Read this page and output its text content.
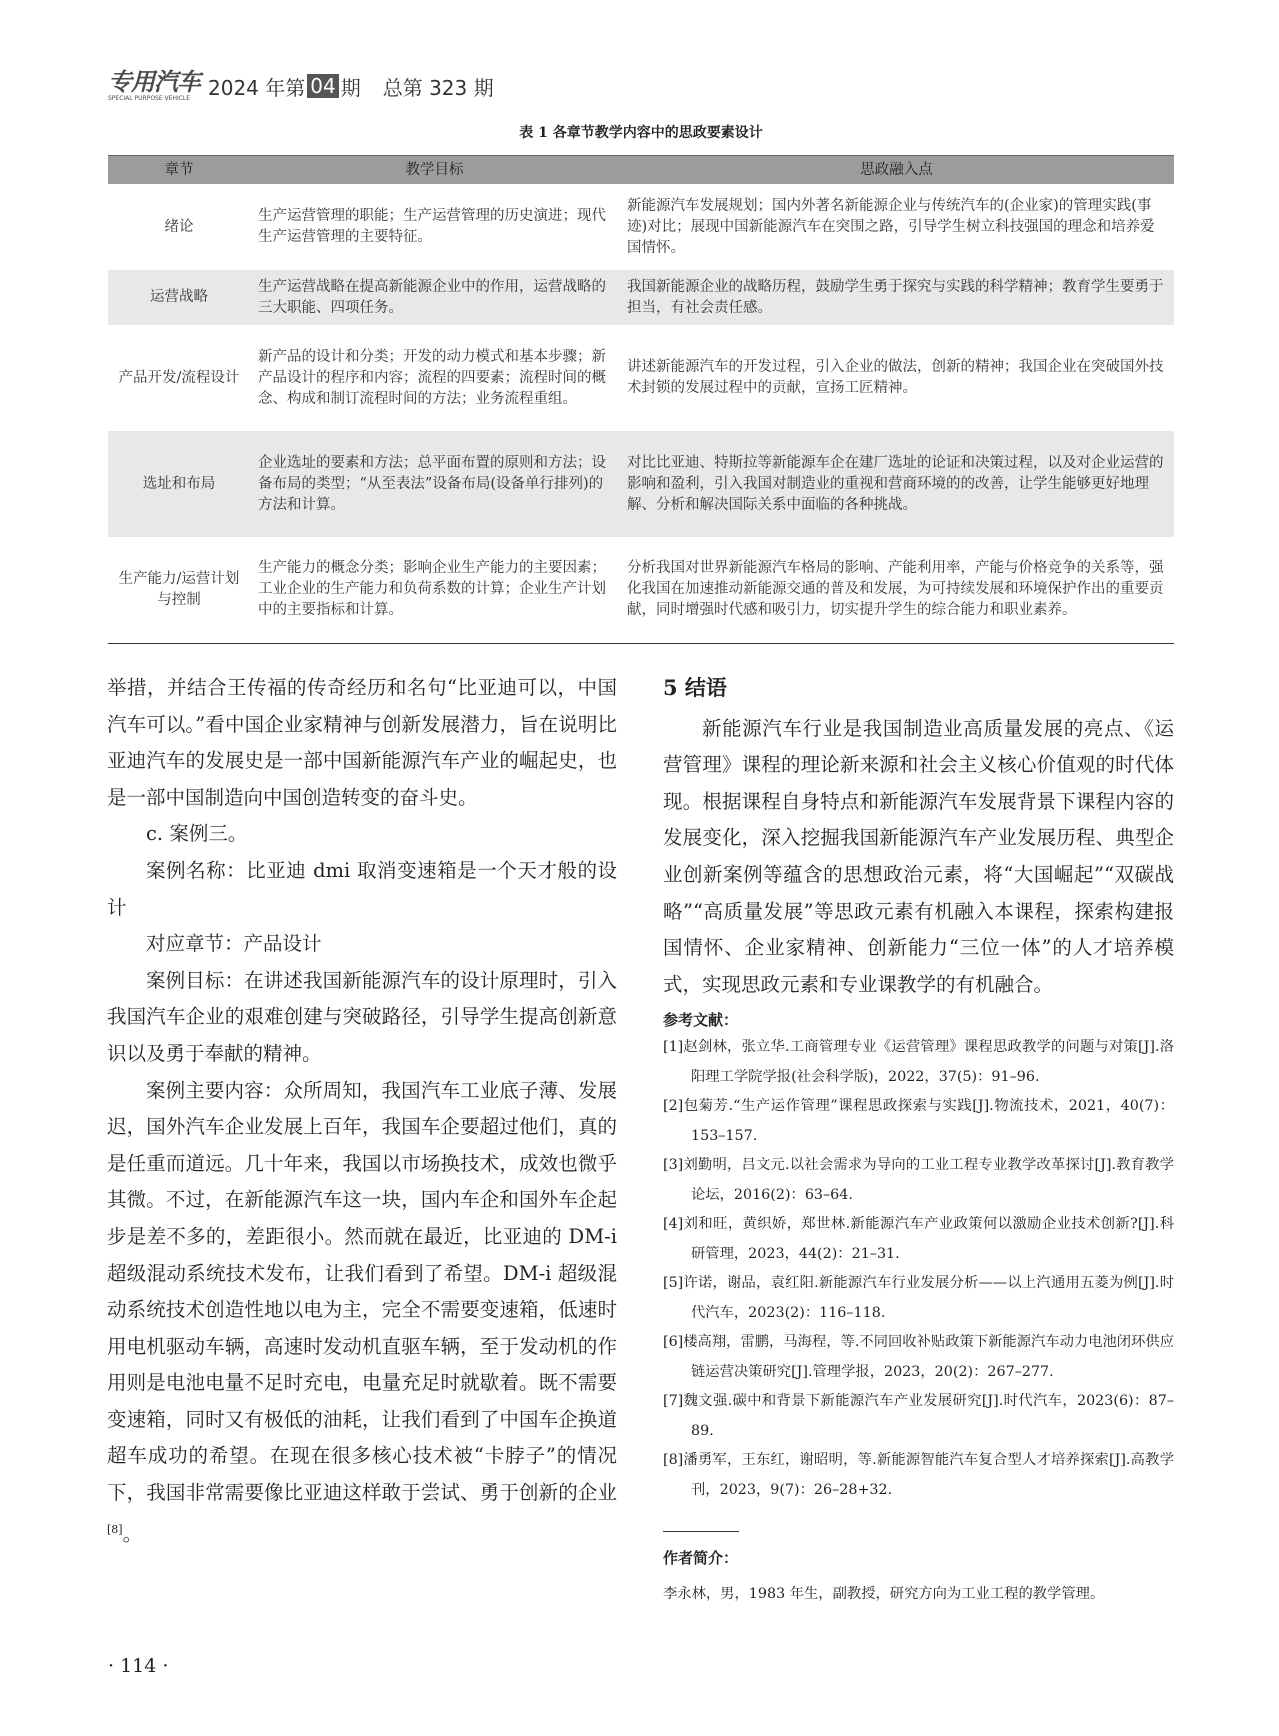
专用汽车
SPECIAL PURPOSE VEHICLE 2024 年第 04 期 总第 323 期
表 1 各章节教学内容中的思政要素设计
章节	教学目标	思政融入点
绪论	生产运营管理的职能；生产运营管理的历史演进；现代生产运营管理的主要特征。	新能源汽车发展规划；国内外著名新能源企业与传统汽车的(企业家)的管理实践(事迹)对比；展现中国新能源汽车在突围之路，引导学生树立科技强国的理念和培养爱国情怀。
运营战略	生产运营战略在提高新能源企业中的作用，运营战略的三大职能、四项任务。	我国新能源企业的战略历程，鼓励学生勇于探究与实践的科学精神；教育学生要勇于担当，有社会责任感。
产品开发/流程设计	新产品的设计和分类；开发的动力模式和基本步骤；新产品设计的程序和内容；流程的四要素；流程时间的概念、构成和制订流程时间的方法；业务流程重组。	讲述新能源汽车的开发过程，引入企业的做法，创新的精神；我国企业在突破国外技术封锁的发展过程中的贡献，宣扬工匠精神。
选址和布局	企业选址的要素和方法；总平面布置的原则和方法；设备布局的类型；“从至表法”设备布局(设备单行排列)的方法和计算。	对比比亚迪、特斯拉等新能源车企在建厂选址的论证和决策过程，以及对企业运营的影响和盈利，引入我国对制造业的重视和营商环境的的改善，让学生能够更好地理解、分析和解决国际关系中面临的各种挑战。
生产能力/运营计划与控制	生产能力的概念分类；影响企业生产能力的主要因素；工业企业的生产能力和负荷系数的计算；企业生产计划中的主要指标和计算。	分析我国对世界新能源汽车格局的影响、产能利用率，产能与价格竞争的关系等，强化我国在加速推动新能源交通的普及和发展，为可持续发展和环境保护作出的重要贡献，同时增强时代感和吸引力，切实提升学生的综合能力和职业素养。

举措，并结合王传福的传奇经历和名句“比亚迪可以，中国汽车可以。”看中国企业家精神与创新发展潜力，旨在说明比亚迪汽车的发展史是一部中国新能源汽车产业的崛起史，也是一部中国制造向中国创造转变的奋斗史。

c. 案例三。

案例名称：比亚迪 dmi 取消变速箱是一个天才般的设计

对应章节：产品设计

案例目标：在讲述我国新能源汽车的设计原理时，引入我国汽车企业的艰难创建与突破路径，引导学生提高创新意识以及勇于奉献的精神。

案例主要内容：众所周知，我国汽车工业底子薄、发展迟，国外汽车企业发展上百年，我国车企要超过他们，真的是任重而道远。几十年来，我国以市场换技术，成效也微乎其微。不过，在新能源汽车这一块，国内车企和国外车企起步是差不多的，差距很小。然而就在最近，比亚迪的 DM-i 超级混动系统技术发布，让我们看到了希望。DM-i 超级混动系统技术创造性地以电为主，完全不需要变速箱，低速时用电机驱动车辆，高速时发动机直驱车辆，至于发动机的作用则是电池电量不足时充电，电量充足时就歇着。既不需要变速箱，同时又有极低的油耗，让我们看到了中国车企换道超车成功的希望。在现在很多核心技术被“卡脖子”的情况下，我国非常需要像比亚迪这样敢于尝试、勇于创新的企业[8]。

5 结语

新能源汽车行业是我国制造业高质量发展的亮点、《运营管理》课程的理论新来源和社会主义核心价值观的时代体现。根据课程自身特点和新能源汽车发展背景下课程内容的发展变化，深入挖掘我国新能源汽车产业发展历程、典型企业创新案例等蕴含的思想政治元素，将“大国崛起”“双碳战略”“高质量发展”等思政元素有机融入本课程，探索构建报国情怀、企业家精神、创新能力“三位一体”的人才培养模式，实现思政元素和专业课教学的有机融合。

参考文献：
[1]赵剑林，张立华.工商管理专业《运营管理》课程思政教学的问题与对策[J].洛阳理工学院学报(社会科学版)，2022，37(5)：91–96.
[2]包菊芳.“生产运作管理”课程思政探索与实践[J].物流技术，2021，40(7)：153–157.
[3]刘勤明，吕文元.以社会需求为导向的工业工程专业教学改革探讨[J].教育教学论坛，2016(2)：63–64.
[4]刘和旺，黄织娇，郑世林.新能源汽车产业政策何以激励企业技术创新?[J].科研管理，2023，44(2)：21–31.
[5]许诺，谢品，袁红阳.新能源汽车行业发展分析——以上汽通用五菱为例[J].时代汽车，2023(2)：116–118.
[6]楼高翔，雷鹏，马海程，等.不同回收补贴政策下新能源汽车动力电池闭环供应链运营决策研究[J].管理学报，2023，20(2)：267–277.
[7]魏文强.碳中和背景下新能源汽车产业发展研究[J].时代汽车，2023(6)：87–89.
[8]潘勇军，王东红，谢昭明，等.新能源智能汽车复合型人才培养探索[J].高教学刊，2023，9(7)：26–28+32.
作者简介：
李永林，男，1983 年生，副教授，研究方向为工业工程的教学管理。
· 114 ·
